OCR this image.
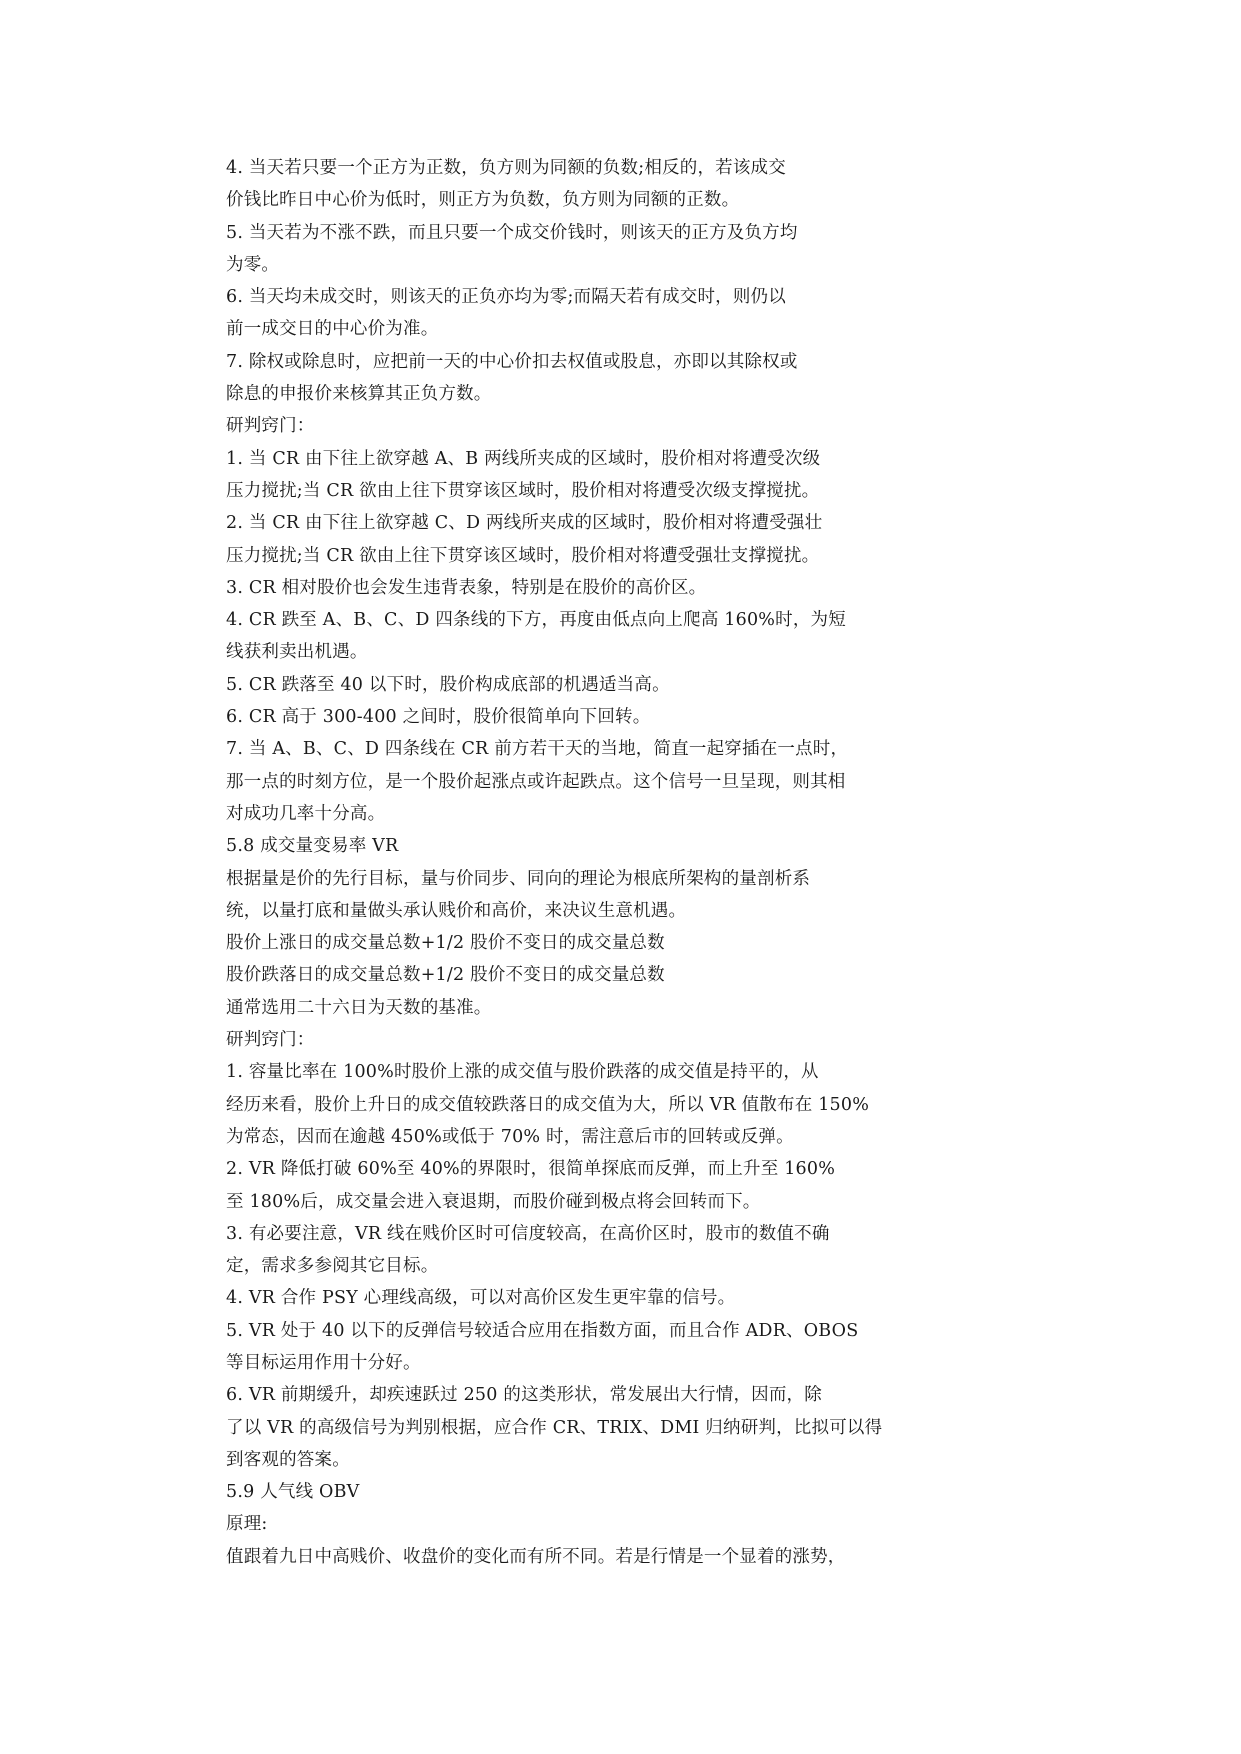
4. 当天若只要一个正方为正数，负方则为同额的负数;相反的，若该成交
价钱比昨日中心价为低时，则正方为负数，负方则为同额的正数。
5. 当天若为不涨不跌，而且只要一个成交价钱时，则该天的正方及负方均
为零。
6. 当天均未成交时，则该天的正负亦均为零;而隔天若有成交时，则仍以
前一成交日的中心价为准。
7. 除权或除息时，应把前一天的中心价扣去权值或股息，亦即以其除权或
除息的申报价来核算其正负方数。
研判窍门：
1. 当 CR 由下往上欲穿越 A、B 两线所夹成的区域时，股价相对将遭受次级
压力搅扰;当 CR 欲由上往下贯穿该区域时，股价相对将遭受次级支撑搅扰。
2. 当 CR 由下往上欲穿越 C、D 两线所夹成的区域时，股价相对将遭受强壮
压力搅扰;当 CR 欲由上往下贯穿该区域时，股价相对将遭受强壮支撑搅扰。
3. CR 相对股价也会发生违背表象，特别是在股价的高价区。
4. CR 跌至 A、B、C、D 四条线的下方，再度由低点向上爬高 160%时，为短
线获利卖出机遇。
5. CR 跌落至 40 以下时，股价构成底部的机遇适当高。
6. CR 高于 300-400 之间时，股价很简单向下回转。
7. 当 A、B、C、D 四条线在 CR 前方若干天的当地，简直一起穿插在一点时，
那一点的时刻方位，是一个股价起涨点或许起跌点。这个信号一旦呈现，则其相
对成功几率十分高。
5.8 成交量变易率 VR
根据量是价的先行目标，量与价同步、同向的理论为根底所架构的量剖析系
统，以量打底和量做头承认贱价和高价，来决议生意机遇。
股价上涨日的成交量总数+1/2 股价不变日的成交量总数
股价跌落日的成交量总数+1/2 股价不变日的成交量总数
通常选用二十六日为天数的基准。
研判窍门：
1. 容量比率在 100%时股价上涨的成交值与股价跌落的成交值是持平的，从
经历来看，股价上升日的成交值较跌落日的成交值为大，所以 VR 值散布在 150%
为常态，因而在逾越 450%或低于 70% 时，需注意后市的回转或反弹。
2. VR 降低打破 60%至 40%的界限时，很简单探底而反弹，而上升至 160%
至 180%后，成交量会进入衰退期，而股价碰到极点将会回转而下。
3. 有必要注意，VR 线在贱价区时可信度较高，在高价区时，股市的数值不确
定，需求多参阅其它目标。
4. VR 合作 PSY 心理线高级，可以对高价区发生更牢靠的信号。
5. VR 处于 40 以下的反弹信号较适合应用在指数方面，而且合作 ADR、OBOS
等目标运用作用十分好。
6. VR 前期缓升，却疾速跃过 250 的这类形状，常发展出大行情，因而，除
了以 VR 的高级信号为判别根据，应合作 CR、TRIX、DMI 归纳研判，比拟可以得
到客观的答案。
5.9 人气线 OBV
原理:
值跟着九日中高贱价、收盘价的变化而有所不同。若是行情是一个显着的涨势，
